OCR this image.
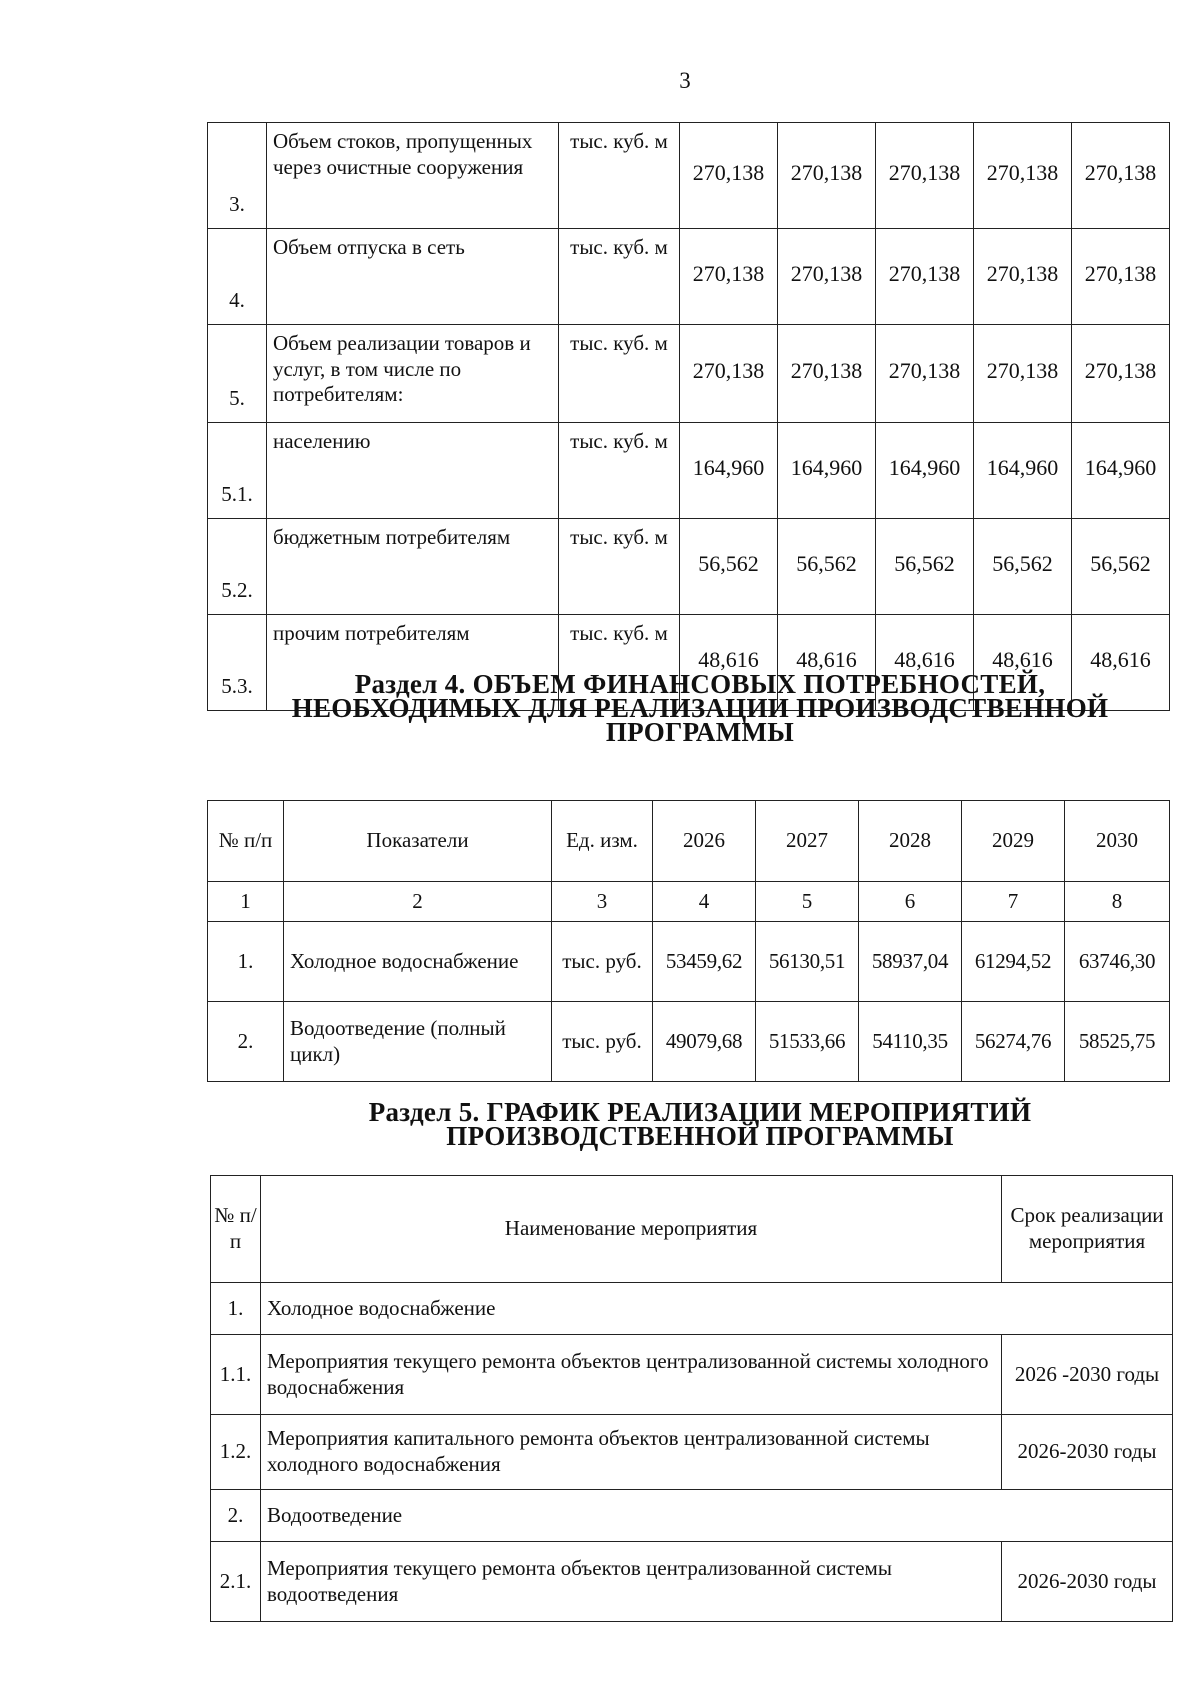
3
3.	Объем стоков, пропущенных через очистные сооружения	тыс. куб. м	270,138	270,138	270,138	270,138	270,138
4.	Объем отпуска в сеть	тыс. куб. м	270,138	270,138	270,138	270,138	270,138
5.	Объем реализации товаров и услуг, в том числе по потребителям:	тыс. куб. м	270,138	270,138	270,138	270,138	270,138
5.1.	населению	тыс. куб. м	164,960	164,960	164,960	164,960	164,960
5.2.	бюджетным потребителям	тыс. куб. м	56,562	56,562	56,562	56,562	56,562
5.3.	прочим потребителям	тыс. куб. м	48,616	48,616	48,616	48,616	48,616
Раздел 4. ОБЪЕМ ФИНАНСОВЫХ ПОТРЕБНОСТЕЙ,
НЕОБХОДИМЫХ ДЛЯ РЕАЛИЗАЦИИ ПРОИЗВОДСТВЕННОЙ
ПРОГРАММЫ
№ п/п	Показатели	Ед. изм.	2026	2027	2028	2029	2030
1	2	3	4	5	6	7	8
1.	Холодное водоснабжение	тыс. руб.	53459,62	56130,51	58937,04	61294,52	63746,30
2.	Водоотведение (полный цикл)	тыс. руб.	49079,68	51533,66	54110,35	56274,76	58525,75
Раздел 5. ГРАФИК РЕАЛИЗАЦИИ МЕРОПРИЯТИЙ
ПРОИЗВОДСТВЕННОЙ ПРОГРАММЫ
№ п/п	Наименование мероприятия	Срок реализации мероприятия
1.	Холодное водоснабжение	
1.1.	Мероприятия текущего ремонта объектов централизованной системы холодного водоснабжения	2026 -2030 годы
1.2.	Мероприятия капитального ремонта объектов централизованной системы холодного водоснабжения	2026-2030 годы
2.	Водоотведение	
2.1.	Мероприятия текущего ремонта объектов централизованной системы водоотведения	2026-2030 годы
